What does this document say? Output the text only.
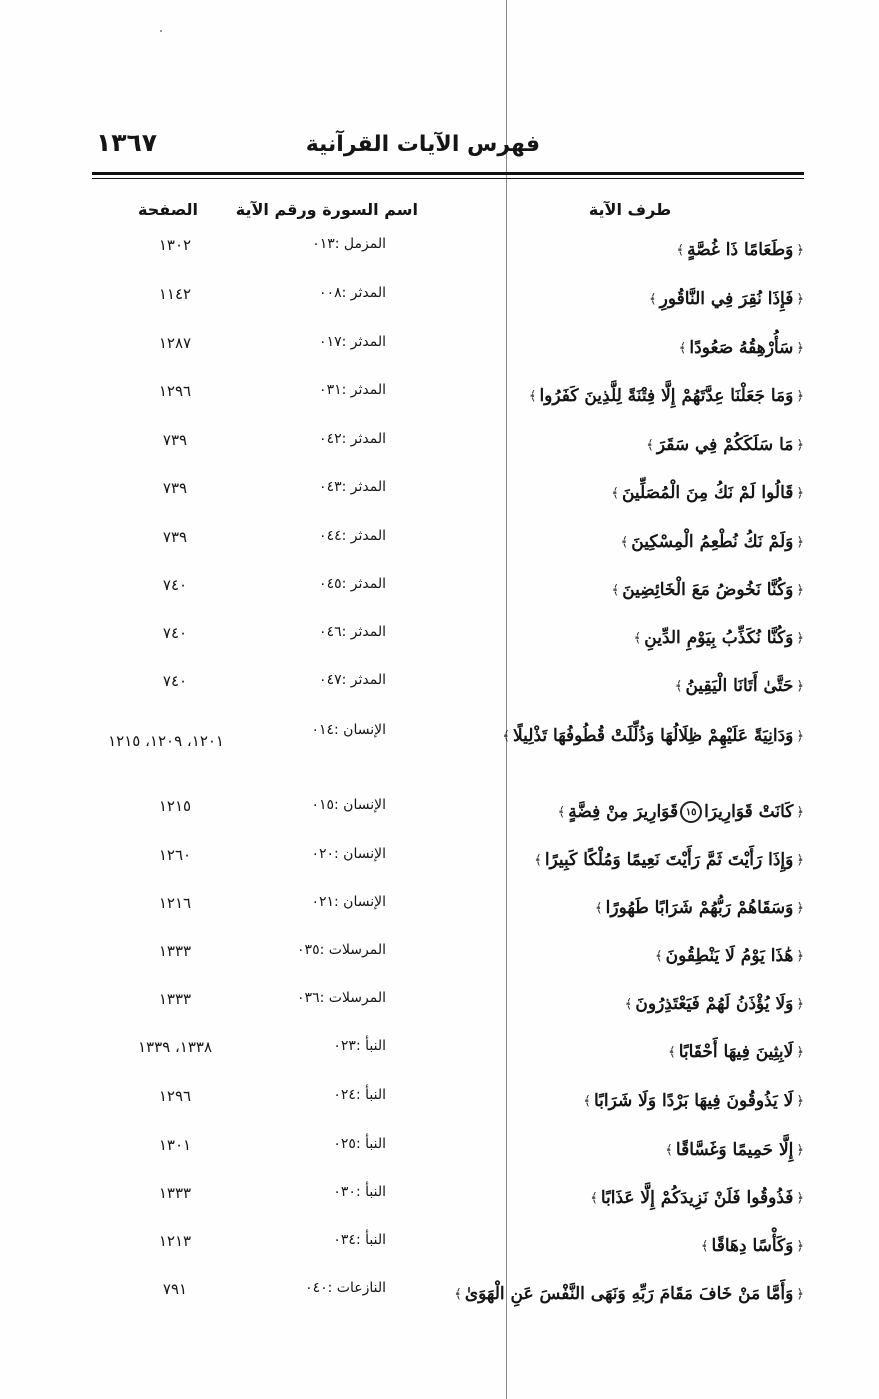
فهرس الآيات القرآنية
١٣٦٧
الصفحة	اسم السورة ورقم الآية	طرف الآية
١٣٠٢	المزمل :٠١٣	﴿
وَطَعَامًا ذَا غُصَّةٍ
﴾
١١٤٢	المدثر :٠٠٨	﴿
فَإِذَا نُقِرَ فِي النَّاقُورِ
﴾
١٢٨٧	المدثر :٠١٧	﴿
سَأُرْهِقُهُ صَعُودًا
﴾
١٢٩٦	المدثر :٠٣١	﴿
وَمَا جَعَلْنَا عِدَّتَهُمْ إِلَّا فِتْنَةً لِلَّذِينَ كَفَرُوا
﴾
٧٣٩	المدثر :٠٤٢	﴿
مَا سَلَكَكُمْ فِي سَقَرَ
﴾
٧٣٩	المدثر :٠٤٣	﴿
قَالُوا لَمْ نَكُ مِنَ الْمُصَلِّينَ
﴾
٧٣٩	المدثر :٠٤٤	﴿
وَلَمْ نَكُ نُطْعِمُ الْمِسْكِينَ
﴾
٧٤٠	المدثر :٠٤٥	﴿
وَكُنَّا نَخُوضُ مَعَ الْخَائِضِينَ
﴾
٧٤٠	المدثر :٠٤٦	﴿
وَكُنَّا نُكَذِّبُ بِيَوْمِ الدِّينِ
﴾
٧٤٠	المدثر :٠٤٧	﴿
حَتَّىٰ أَتَانَا الْيَقِينُ
﴾
١٢٠١، ١٢٠٩، ١٢١٥
الإنسان :٠١٤	﴿
وَدَانِيَةً عَلَيْهِمْ ظِلَالُهَا وَذُلِّلَتْ قُطُوفُهَا تَذْلِيلًا
﴾
١٢١٥	الإنسان :٠١٥	﴿
كَانَتْ قَوَارِيرَا
١٥
قَوَارِيرَ مِنْ فِضَّةٍ
﴾
١٢٦٠	الإنسان :٠٢٠	﴿
وَإِذَا رَأَيْتَ ثَمَّ رَأَيْتَ نَعِيمًا وَمُلْكًا كَبِيرًا
﴾
١٢١٦	الإنسان :٠٢١	﴿
وَسَقَاهُمْ رَبُّهُمْ شَرَابًا طَهُورًا
﴾
١٣٣٣	المرسلات :٠٣٥	﴿
هَٰذَا يَوْمُ لَا يَنْطِقُونَ
﴾
١٣٣٣	المرسلات :٠٣٦	﴿
وَلَا يُؤْذَنُ لَهُمْ فَيَعْتَذِرُونَ
﴾
١٣٣٨، ١٣٣٩	النبأ :٠٢٣	﴿
لَابِثِينَ فِيهَا أَحْقَابًا
﴾
١٢٩٦	النبأ :٠٢٤	﴿
لَا يَذُوقُونَ فِيهَا بَرْدًا وَلَا شَرَابًا
﴾
١٣٠١	النبأ :٠٢٥	﴿
إِلَّا حَمِيمًا وَغَسَّاقًا
﴾
١٣٣٣	النبأ :٠٣٠	﴿
فَذُوقُوا فَلَنْ نَزِيدَكُمْ إِلَّا عَذَابًا
﴾
١٢١٣	النبأ :٠٣٤	﴿
وَكَأْسًا دِهَاقًا
﴾
٧٩١	النازعات :٠٤٠	﴿
وَأَمَّا مَنْ خَافَ مَقَامَ رَبِّهِ وَنَهَى النَّفْسَ عَنِ الْهَوَىٰ
﴾
